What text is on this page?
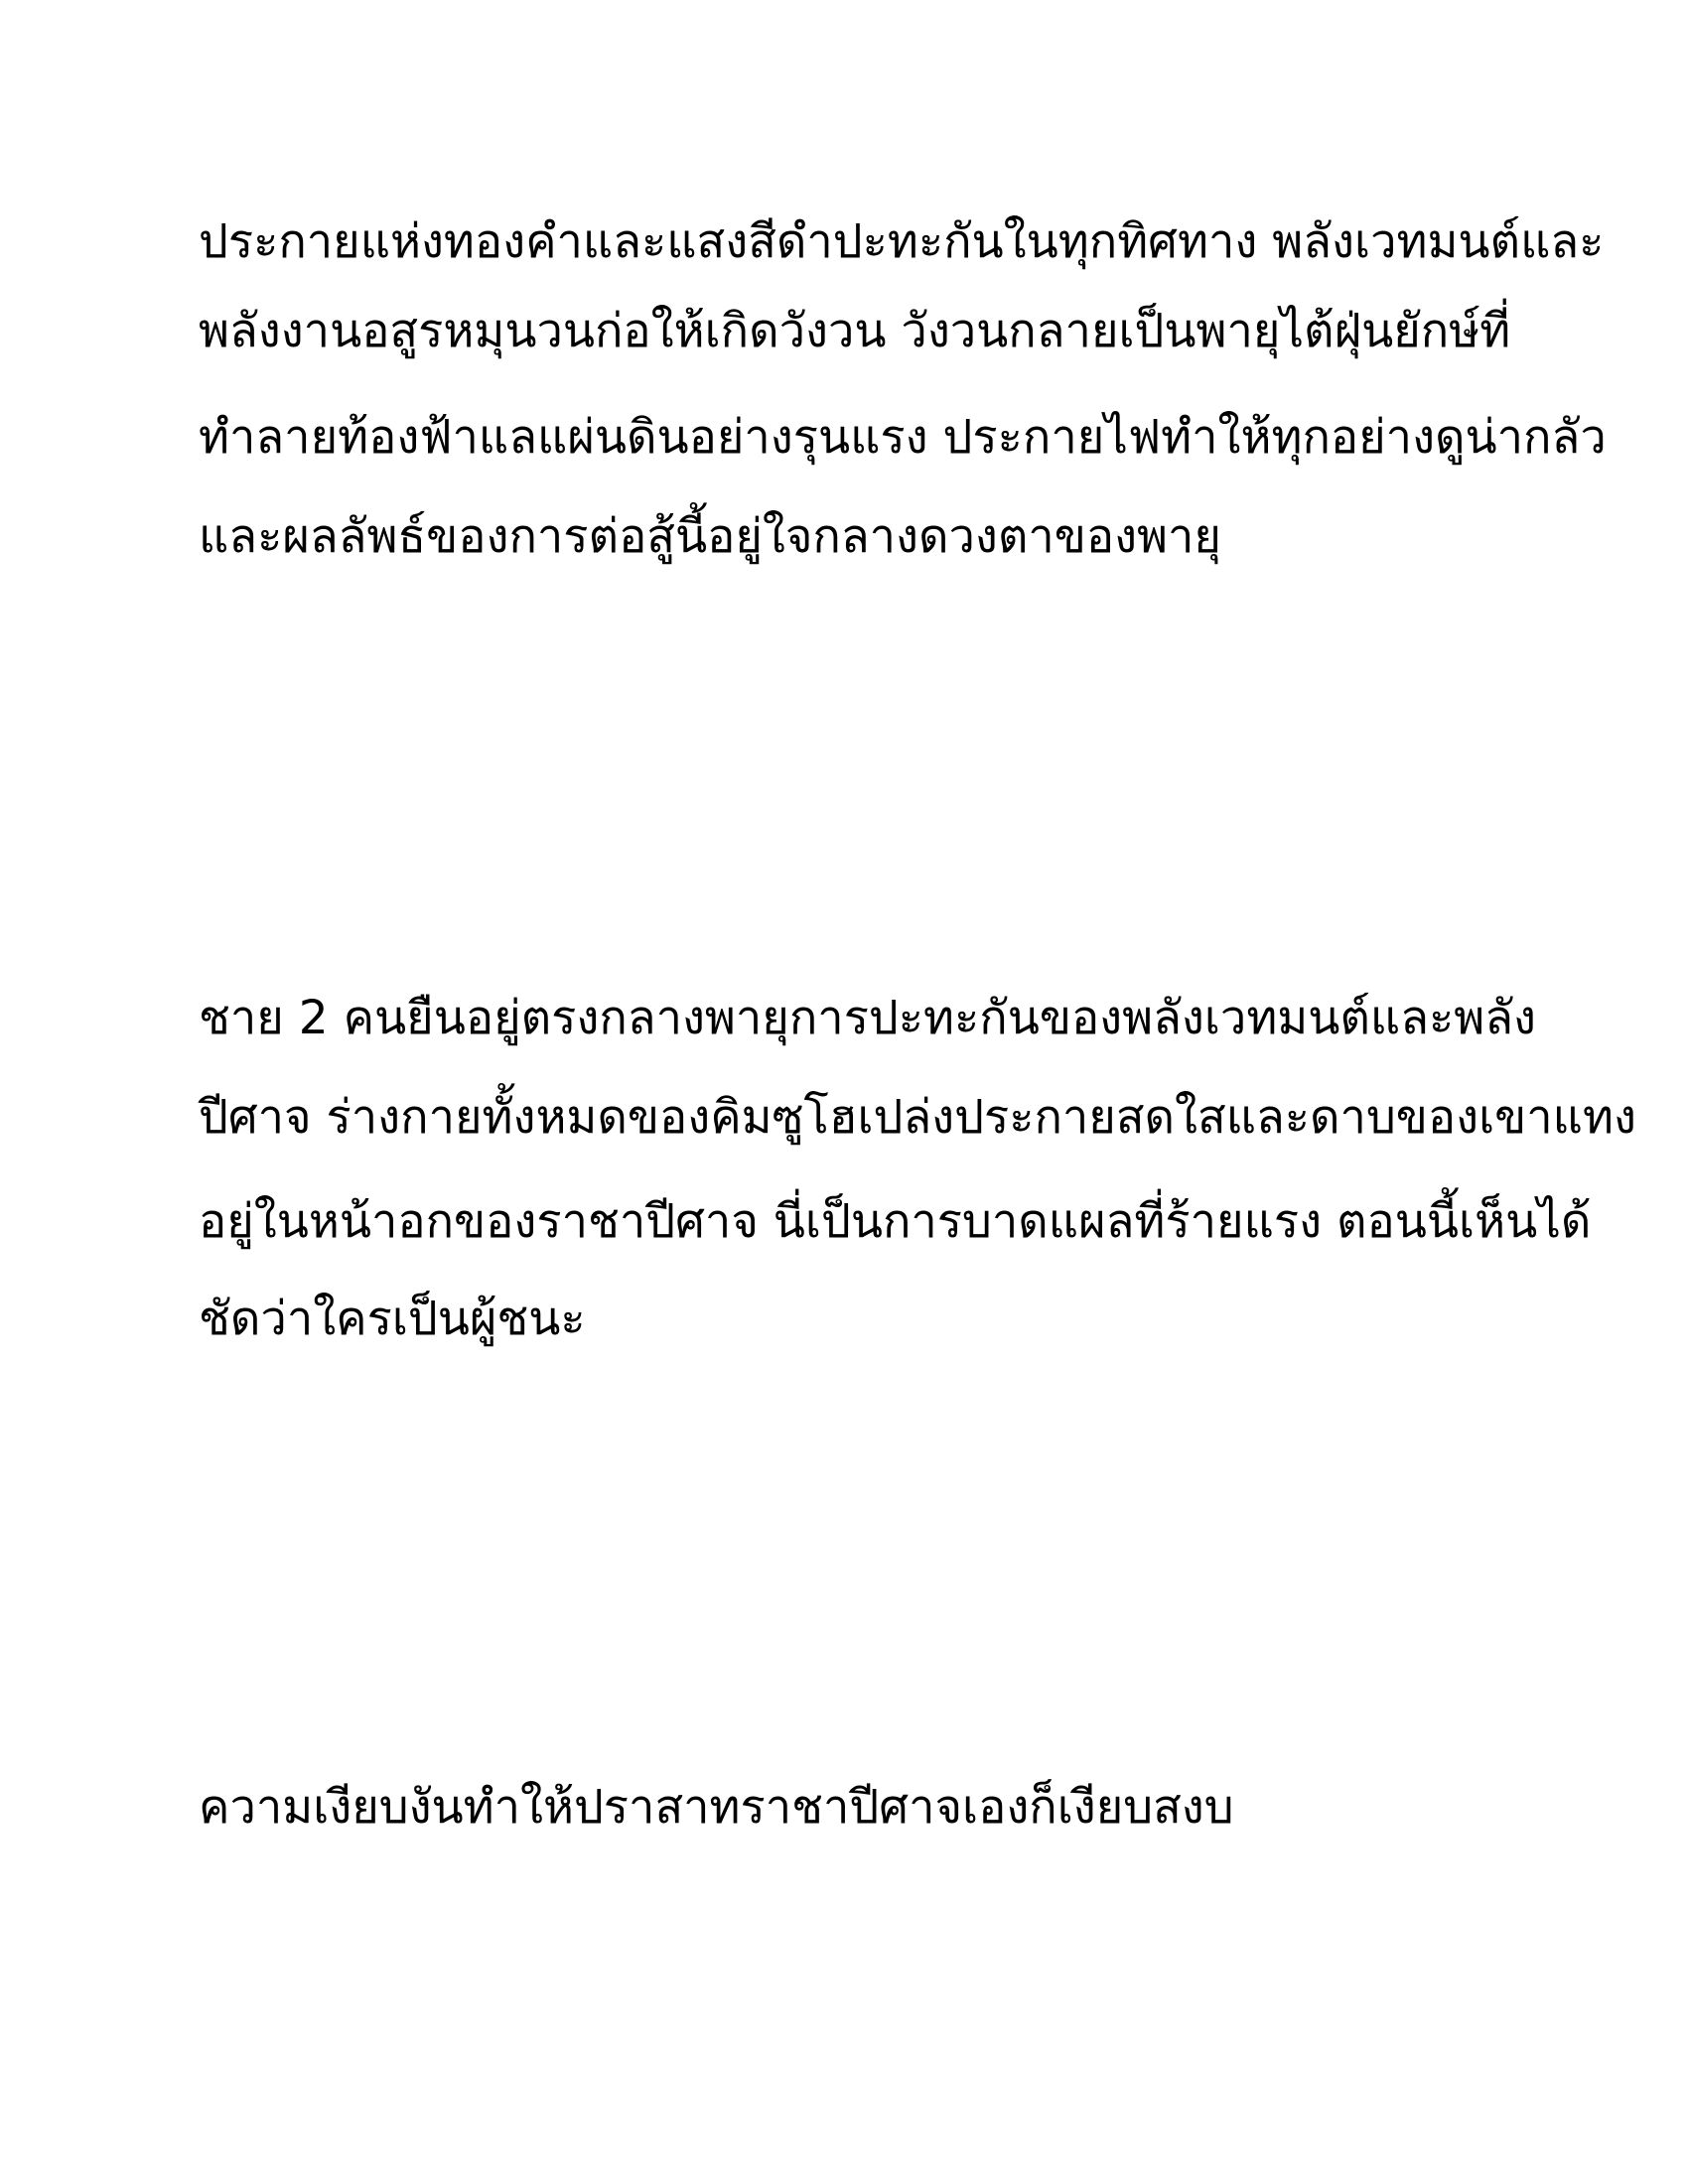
ประกายแห่งทองคำและแสงสีดำปะทะกันในทุกทิศทาง พลังเวทมนต์และ

พลังงานอสูรหมุนวนก่อให้เกิดวังวน วังวนกลายเป็นพายุไต้ฝุ่นยักษ์ที่

ทำลายท้องฟ้าแลแผ่นดินอย่างรุนแรง ประกายไฟทำให้ทุกอย่างดูน่ากลัว

และผลลัพธ์ของการต่อสู้นี้อยู่ใจกลางดวงตาของพายุ

ชาย 2 คนยืนอยู่ตรงกลางพายุการปะทะกันของพลังเวทมนต์และพลัง

ปีศาจ ร่างกายทั้งหมดของคิมซูโฮเปล่งประกายสดใสและดาบของเขาแทง

อยู่ในหน้าอกของราชาปีศาจ นี่เป็นการบาดแผลที่ร้ายแรง ตอนนี้เห็นได้

ชัดว่าใครเป็นผู้ชนะ

ความเงียบงันทำให้ปราสาทราชาปีศาจเองก็เงียบสงบ
